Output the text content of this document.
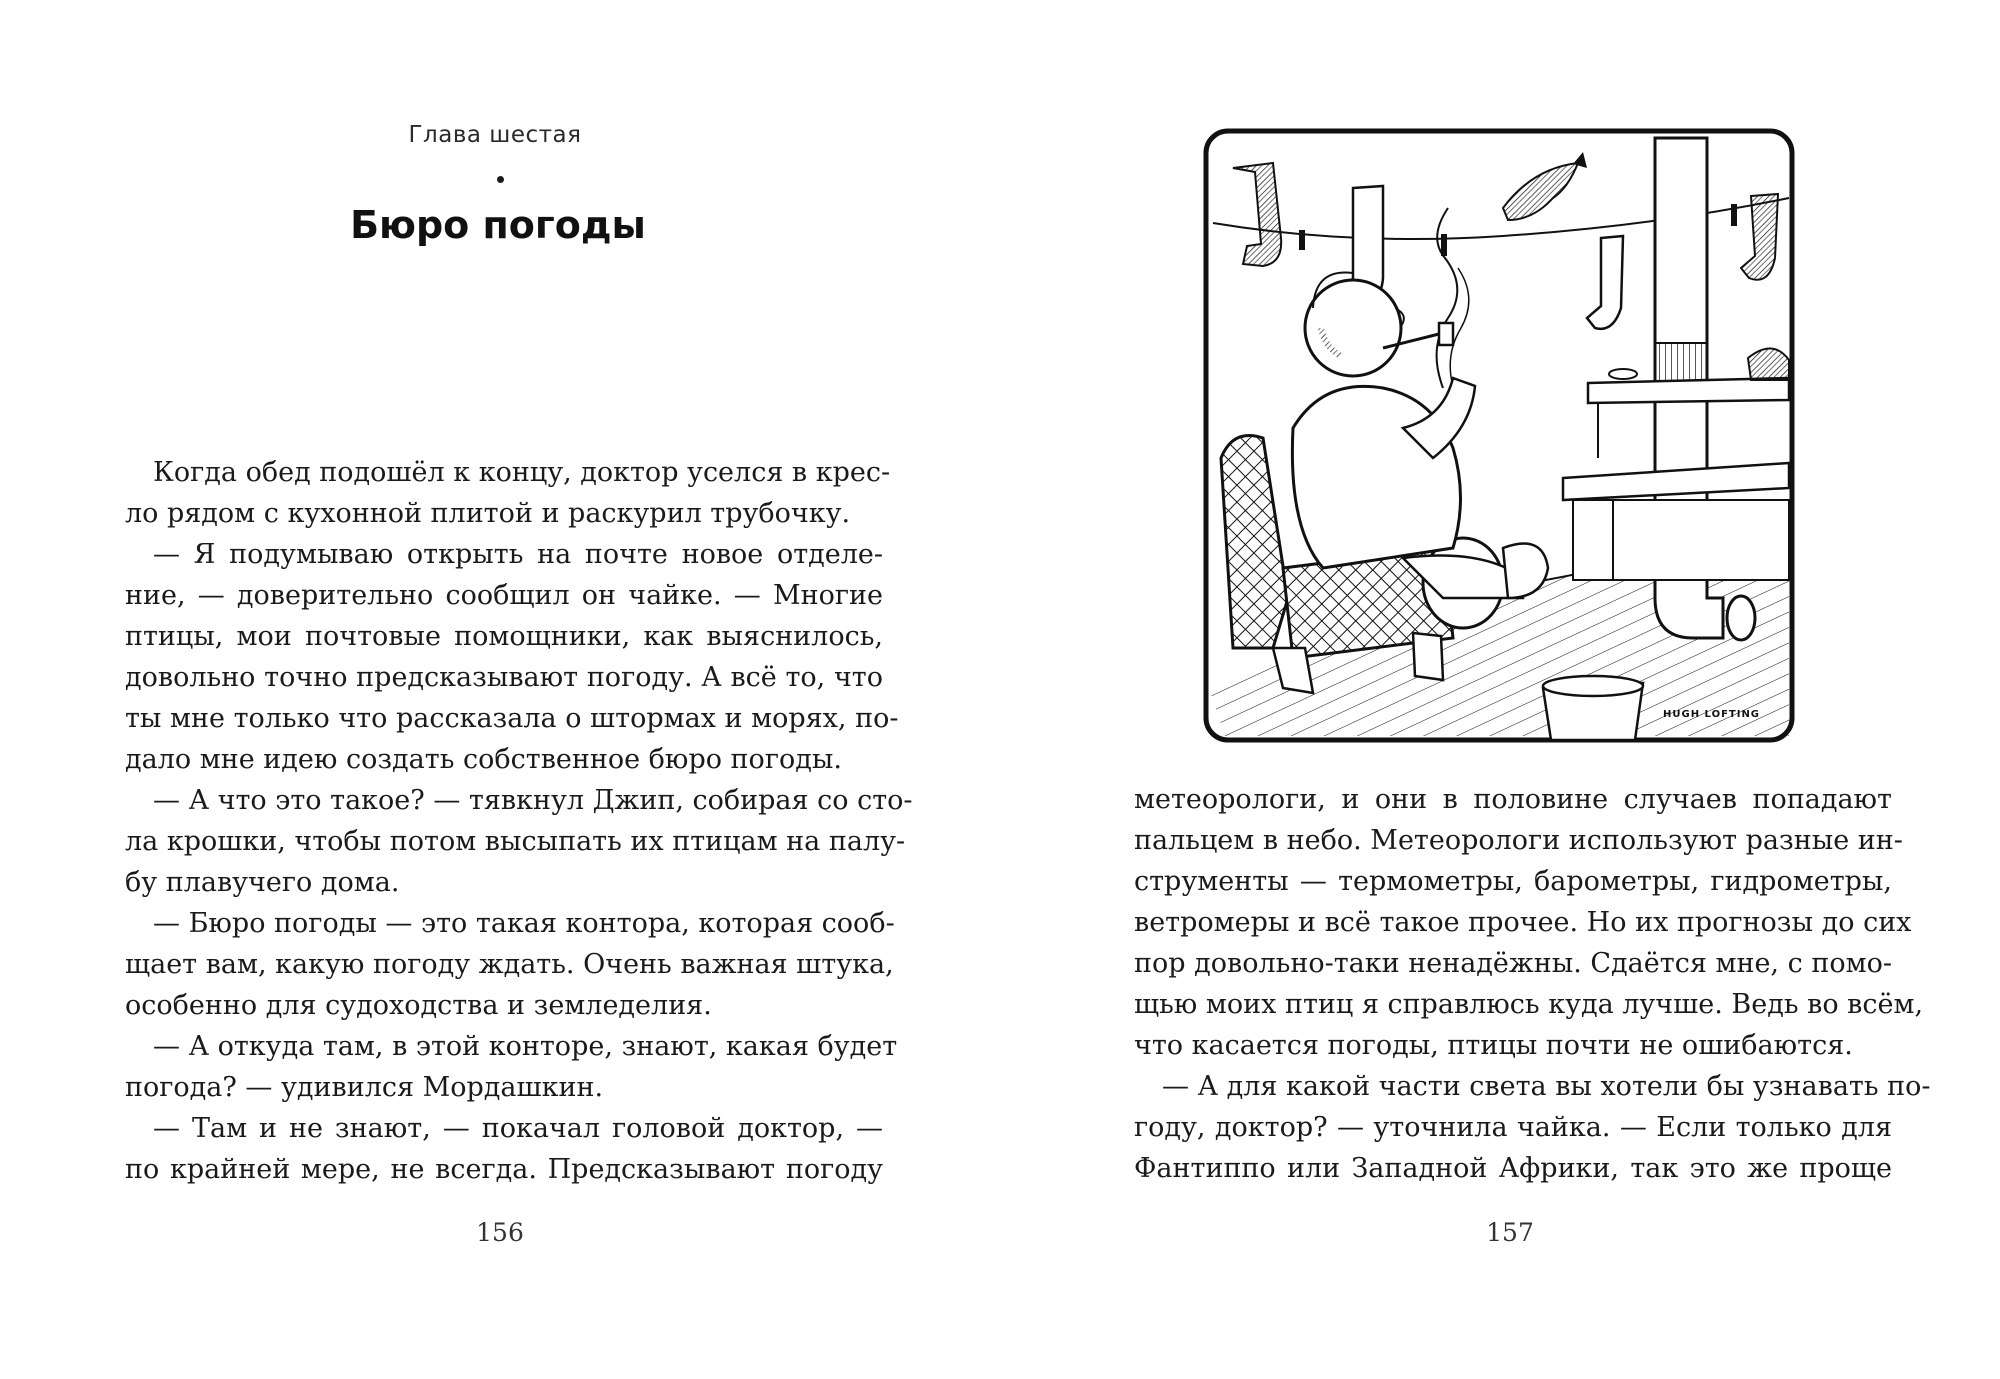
Глава шестая
Бюро погоды
Когда обед подошёл к концу, доктор уселся в крес-
ло рядом с кухонной плитой и раскурил трубочку.
— Я подумываю открыть на почте новое отделе-
ние, — доверительно сообщил он чайке. — Многие
птицы, мои почтовые помощники, как выяснилось,
довольно точно предсказывают погоду. А всё то, что
ты мне только что рассказала о штормах и морях, по-
дало мне идею создать собственное бюро погоды.
— А что это такое? — тявкнул Джип, собирая со сто-
ла крошки, чтобы потом высыпать их птицам на палу-
бу плавучего дома.
— Бюро погоды — это такая контора, которая сооб-
щает вам, какую погоду ждать. Очень важная штука,
особенно для судоходства и земледелия.
— А откуда там, в этой конторе, знают, какая будет
погода? — удивился Мордашкин.
— Там и не знают, — покачал головой доктор, —
по крайней мере, не всегда. Предсказывают погоду
156
HUGH LOFTING
метеорологи, и они в половине случаев попадают
пальцем в небо. Метеорологи используют разные ин-
струменты — термометры, барометры, гидрометры,
ветромеры и всё такое прочее. Но их прогнозы до сих
пор довольно-таки ненадёжны. Сдаётся мне, с помо-
щью моих птиц я справлюсь куда лучше. Ведь во всём,
что касается погоды, птицы почти не ошибаются.
— А для какой части света вы хотели бы узнавать по-
году, доктор? — уточнила чайка. — Если только для
Фантиппо или Западной Африки, так это же проще
157
